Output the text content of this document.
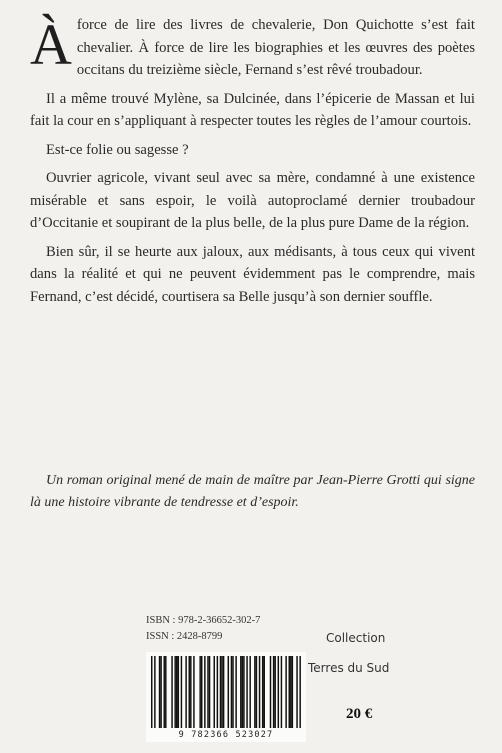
Àforce de lire des livres de chevalerie, Don Quichotte s’est fait chevalier. À force de lire les biographies et les œuvres des poètes occitans du treizième siècle, Fernand s’est rêvé troubadour.

Il a même trouvé Mylène, sa Dulcinée, dans l’épicerie de Massan et lui fait la cour en s’appliquant à respecter toutes les règles de l’amour courtois.

Est-ce folie ou sagesse ?

Ouvrier agricole, vivant seul avec sa mère, condamné à une existence misérable et sans espoir, le voilà autoproclamé dernier troubadour d’Occitanie et soupirant de la plus belle, de la plus pure Dame de la région.

Bien sûr, il se heurte aux jaloux, aux médisants, à tous ceux qui vivent dans la réalité et qui ne peuvent évidemment pas le comprendre, mais Fernand, c’est décidé, courtisera sa Belle jusqu’à son dernier souffle.

Un roman original mené de main de maître par Jean-Pierre Grotti qui signe là une histoire vibrante de tendresse et d’espoir.

ISBN : 978-2-36652-302-7
ISSN : 2428-8799
9 782366 523027
Collection
Terres du Sud
20 €
